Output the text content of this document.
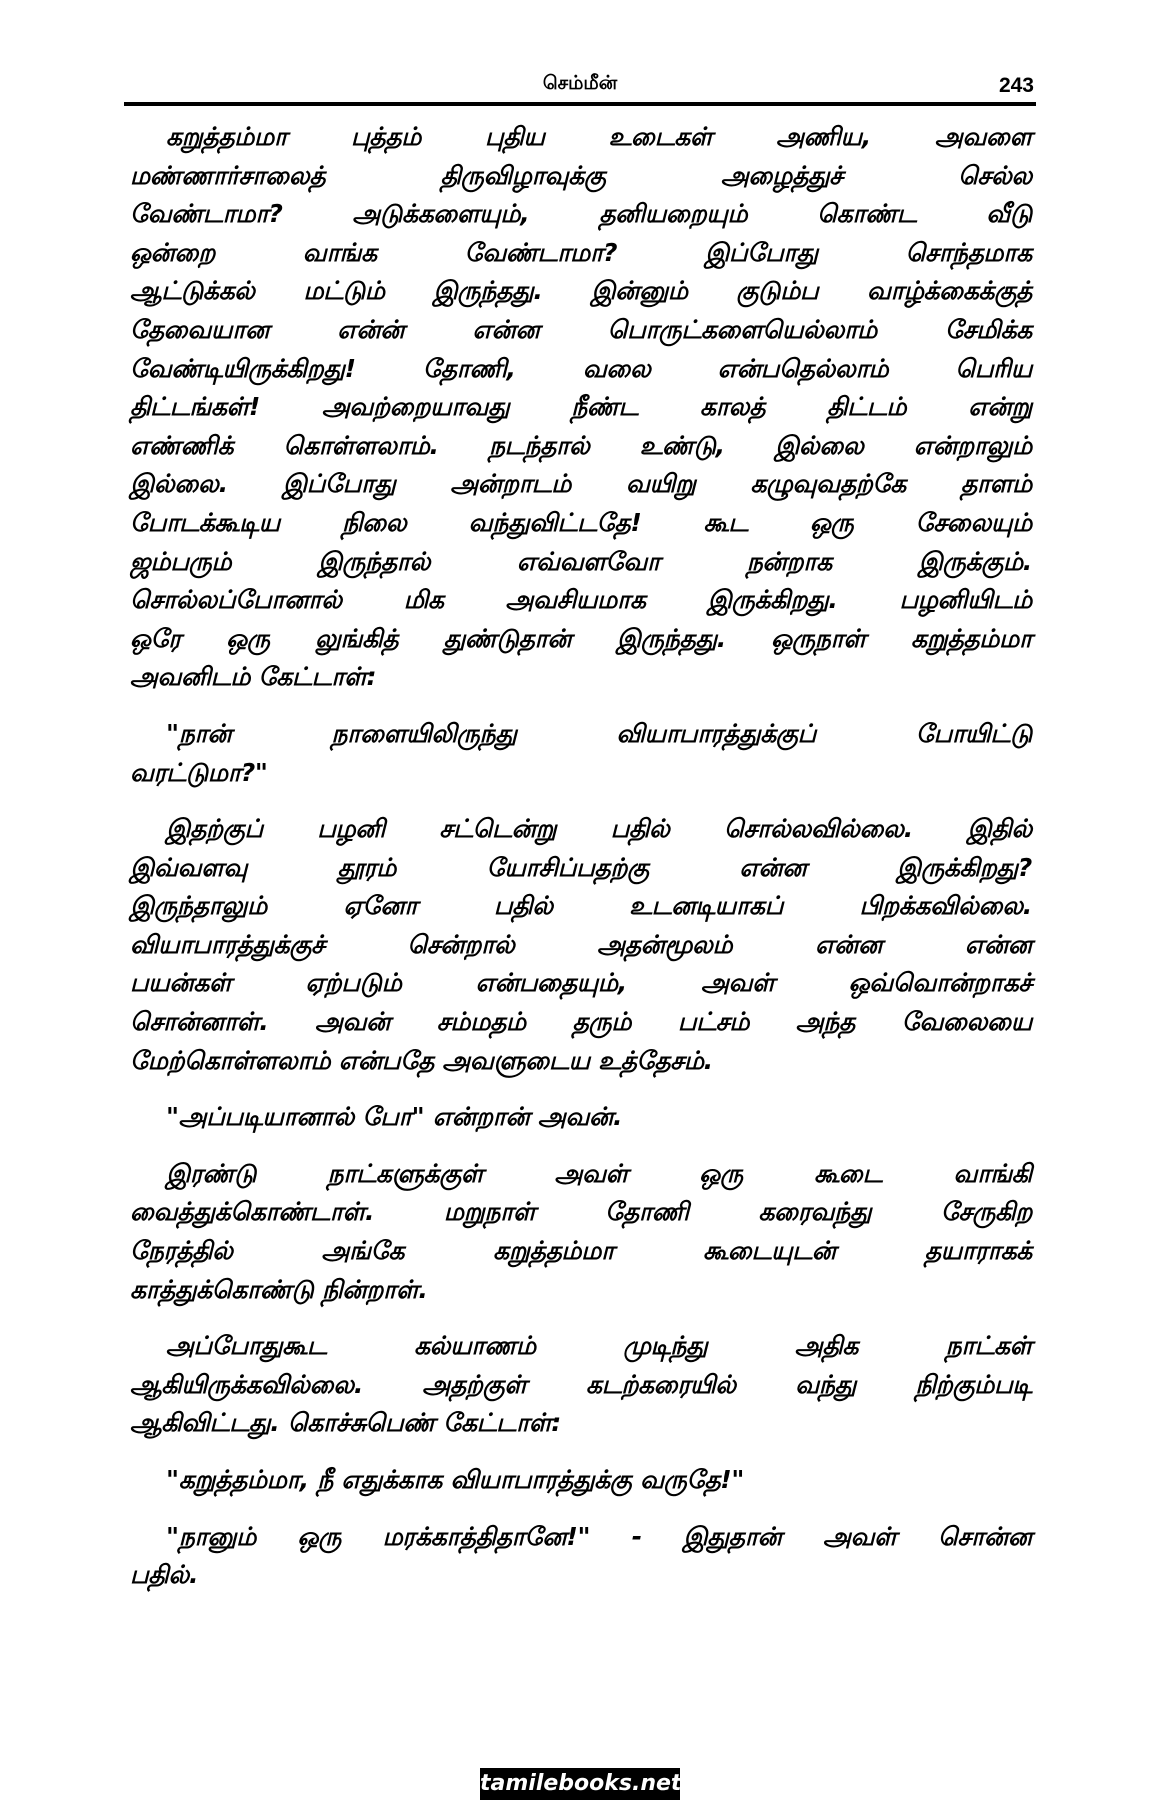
செம்மீன்	243
கறுத்தம்மா புத்தம் புதிய உடைகள் அணிய, அவளை
மண்ணார்சாலைத் திருவிழாவுக்கு அழைத்துச் செல்ல
வேண்டாமா? அடுக்களையும், தனியறையும் கொண்ட வீடு
ஒன்றை வாங்க வேண்டாமா? இப்போது சொந்தமாக
ஆட்டுக்கல் மட்டும் இருந்தது. இன்னும் குடும்ப வாழ்க்கைக்குத்
தேவையான என்ன் என்ன பொருட்களையெல்லாம் சேமிக்க
வேண்டியிருக்கிறது! தோணி, வலை என்பதெல்லாம் பெரிய
திட்டங்கள்! அவற்றையாவது நீண்ட காலத் திட்டம் என்று
எண்ணிக் கொள்ளலாம். நடந்தால் உண்டு, இல்லை என்றாலும்
இல்லை. இப்போது அன்றாடம் வயிறு கழுவுவதற்கே தாளம்
போடக்கூடிய நிலை வந்துவிட்டதே! கூட ஒரு சேலையும்
ஜம்பரும் இருந்தால் எவ்வளவோ நன்றாக இருக்கும்.
சொல்லப்போனால் மிக அவசியமாக இருக்கிறது. பழனியிடம்
ஒரே ஒரு லுங்கித் துண்டுதான் இருந்தது. ஒருநாள் கறுத்தம்மா
அவனிடம் கேட்டாள்:
"நான் நாளையிலிருந்து வியாபாரத்துக்குப் போயிட்டு
வரட்டுமா?"
இதற்குப் பழனி சட்டென்று பதில் சொல்லவில்லை. இதில்
இவ்வளவு தூரம் யோசிப்பதற்கு என்ன இருக்கிறது?
இருந்தாலும் ஏனோ பதில் உடனடியாகப் பிறக்கவில்லை.
வியாபாரத்துக்குச் சென்றால் அதன்மூலம் என்ன என்ன
பயன்கள் ஏற்படும் என்பதையும், அவள் ஒவ்வொன்றாகச்
சொன்னாள். அவன் சம்மதம் தரும் பட்சம் அந்த வேலையை
மேற்கொள்ளலாம் என்பதே அவளுடைய உத்தேசம்.
"அப்படியானால் போ" என்றான் அவன்.
இரண்டு நாட்களுக்குள் அவள் ஒரு கூடை வாங்கி
வைத்துக்கொண்டாள். மறுநாள் தோணி கரைவந்து சேருகிற
நேரத்தில் அங்கே கறுத்தம்மா கூடையுடன் தயாராகக்
காத்துக்கொண்டு நின்றாள்.
அப்போதுகூட கல்யாணம் முடிந்து அதிக நாட்கள்
ஆகியிருக்கவில்லை. அதற்குள் கடற்கரையில் வந்து நிற்கும்படி
ஆகிவிட்டது. கொச்சுபெண் கேட்டாள்:
"கறுத்தம்மா, நீ எதுக்காக வியாபாரத்துக்கு வருதே!"
"நானும் ஒரு மரக்காத்திதானே!" - இதுதான் அவள் சொன்ன
பதில்.
tamilebooks.net
